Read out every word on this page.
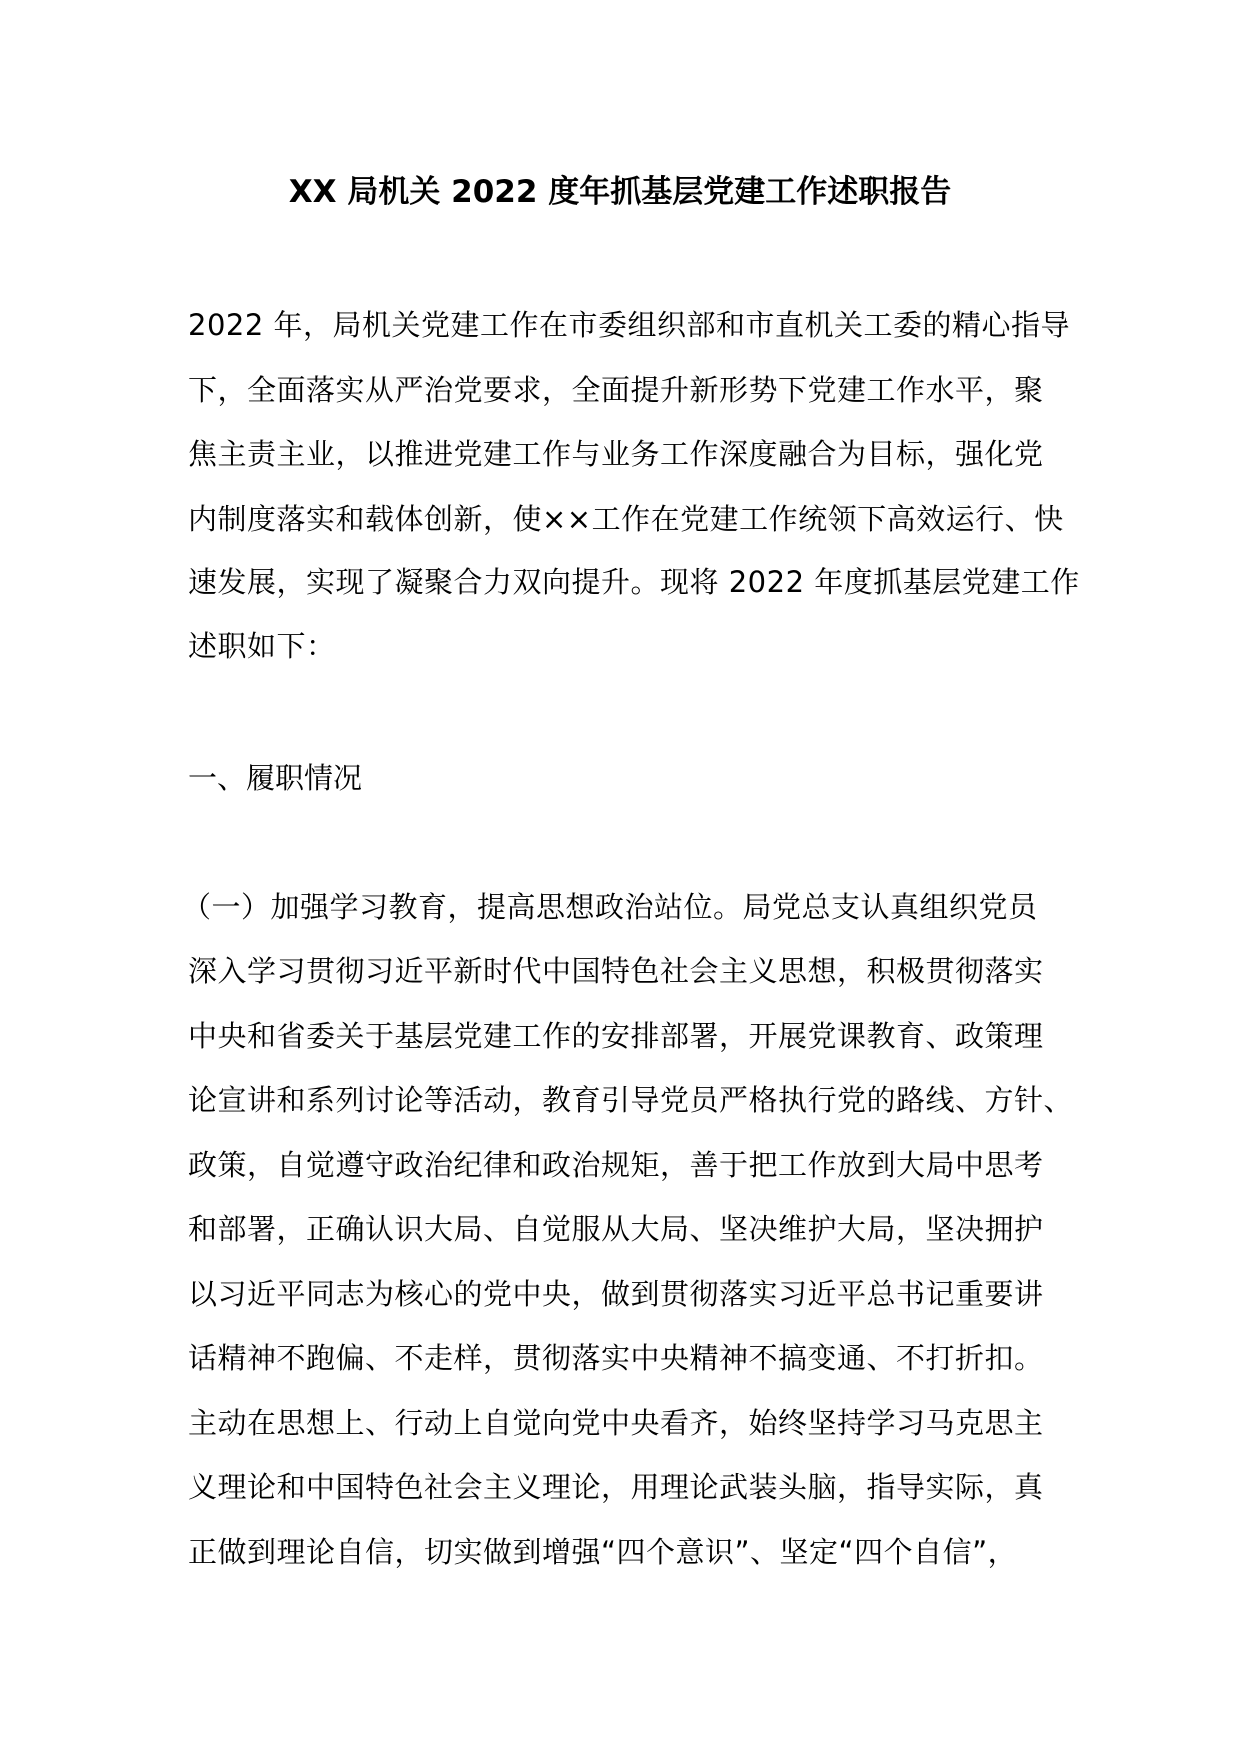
XX 局机关 2022 度年抓基层党建工作述职报告
2022 年，局机关党建工作在市委组织部和市直机关工委的精心指导
下，全面落实从严治党要求，全面提升新形势下党建工作水平，聚
焦主责主业，以推进党建工作与业务工作深度融合为目标，强化党
内制度落实和载体创新，使××工作在党建工作统领下高效运行、快
速发展，实现了凝聚合力双向提升。现将 2022 年度抓基层党建工作
述职如下：
一、履职情况
（一）加强学习教育，提高思想政治站位。局党总支认真组织党员
深入学习贯彻习近平新时代中国特色社会主义思想，积极贯彻落实
中央和省委关于基层党建工作的安排部署，开展党课教育、政策理
论宣讲和系列讨论等活动，教育引导党员严格执行党的路线、方针、
政策，自觉遵守政治纪律和政治规矩，善于把工作放到大局中思考
和部署，正确认识大局、自觉服从大局、坚决维护大局，坚决拥护
以习近平同志为核心的党中央，做到贯彻落实习近平总书记重要讲
话精神不跑偏、不走样，贯彻落实中央精神不搞变通、不打折扣。
主动在思想上、行动上自觉向党中央看齐，始终坚持学习马克思主
义理论和中国特色社会主义理论，用理论武装头脑，指导实际，真
正做到理论自信，切实做到增强“四个意识”、坚定“四个自信”，
